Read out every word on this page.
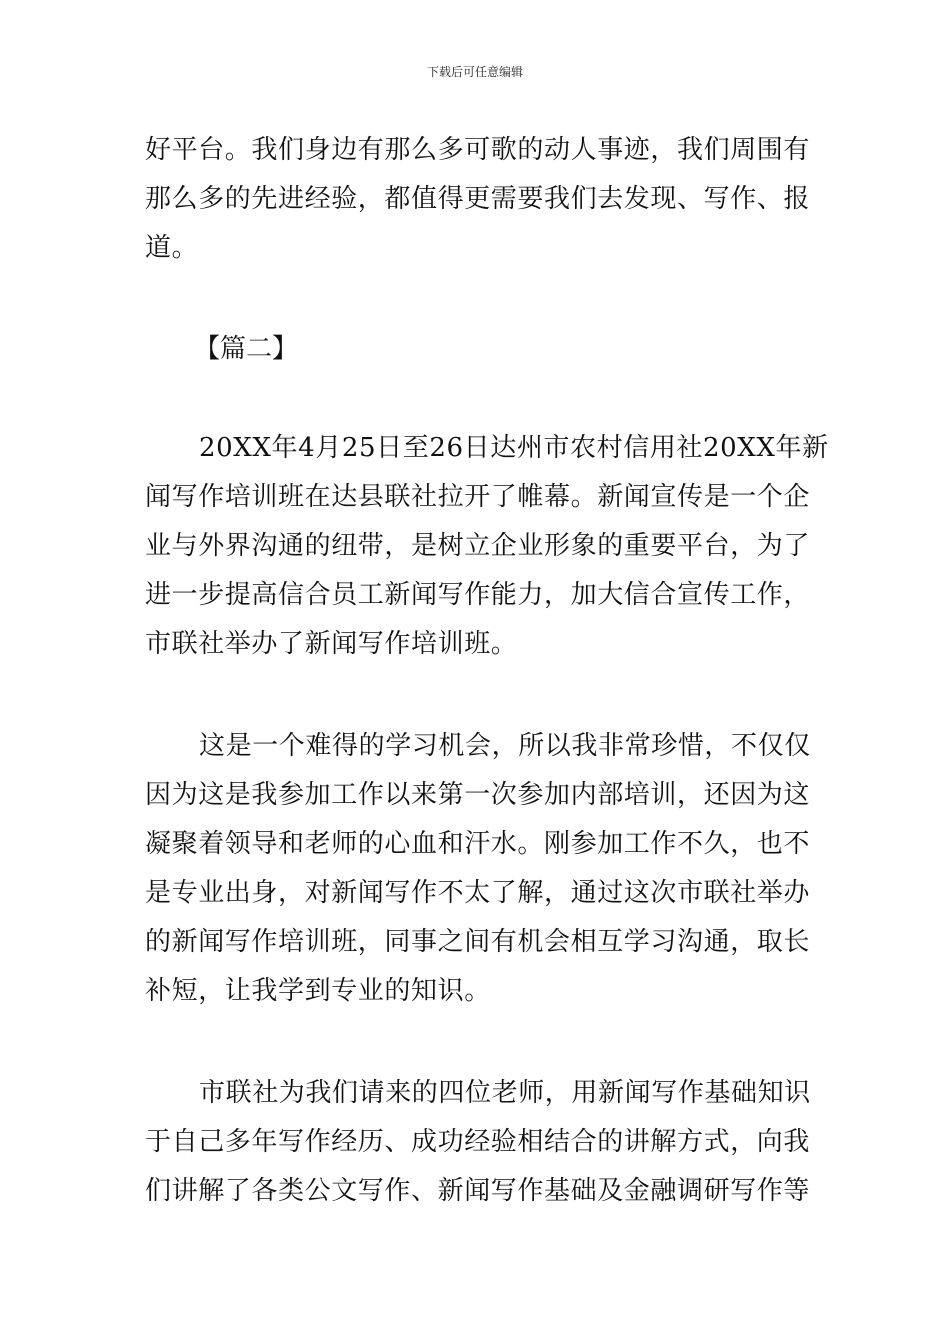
下载后可任意编辑
好平台。我们身边有那么多可歌的动人事迹，我们周围有
那么多的先进经验，都值得更需要我们去发现、写作、报
道。
【篇二】
20XX年4月25日至26日达州市农村信用社20XX年新
闻写作培训班在达县联社拉开了帷幕。新闻宣传是一个企
业与外界沟通的纽带，是树立企业形象的重要平台，为了
进一步提高信合员工新闻写作能力，加大信合宣传工作，
市联社举办了新闻写作培训班。
这是一个难得的学习机会，所以我非常珍惜，不仅仅
因为这是我参加工作以来第一次参加内部培训，还因为这
凝聚着领导和老师的心血和汗水。刚参加工作不久，也不
是专业出身，对新闻写作不太了解，通过这次市联社举办
的新闻写作培训班，同事之间有机会相互学习沟通，取长
补短，让我学到专业的知识。
市联社为我们请来的四位老师，用新闻写作基础知识
于自己多年写作经历、成功经验相结合的讲解方式，向我
们讲解了各类公文写作、新闻写作基础及金融调研写作等
